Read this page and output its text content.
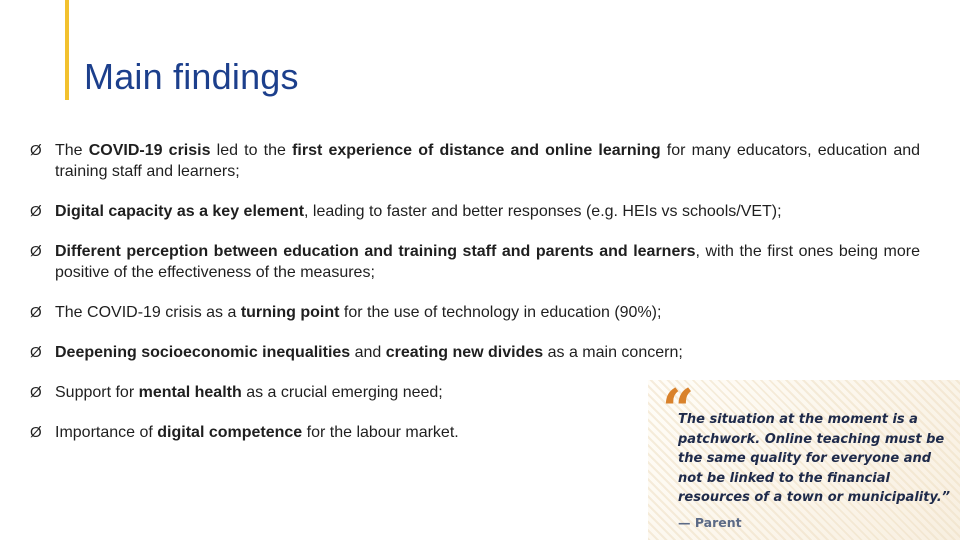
Main findings
Ø The COVID-19 crisis led to the first experience of distance and online learning for many educators, education and training staff and learners;
Ø Digital capacity as a key element, leading to faster and better responses (e.g. HEIs vs schools/VET);
Ø Different perception between education and training staff and parents and learners, with the first ones being more positive of the effectiveness of the measures;
Ø The COVID-19 crisis as a turning point for the use of technology in education (90%);
Ø Deepening socioeconomic inequalities and creating new divides as a main concern;
Ø Support for mental health as a crucial emerging need;
Ø Importance of digital competence for the labour market.	“

The situation at the moment is a patchwork. Online teaching must be the same quality for everyone and not be linked to the financial resources of a town or municipality.”

— Parent
